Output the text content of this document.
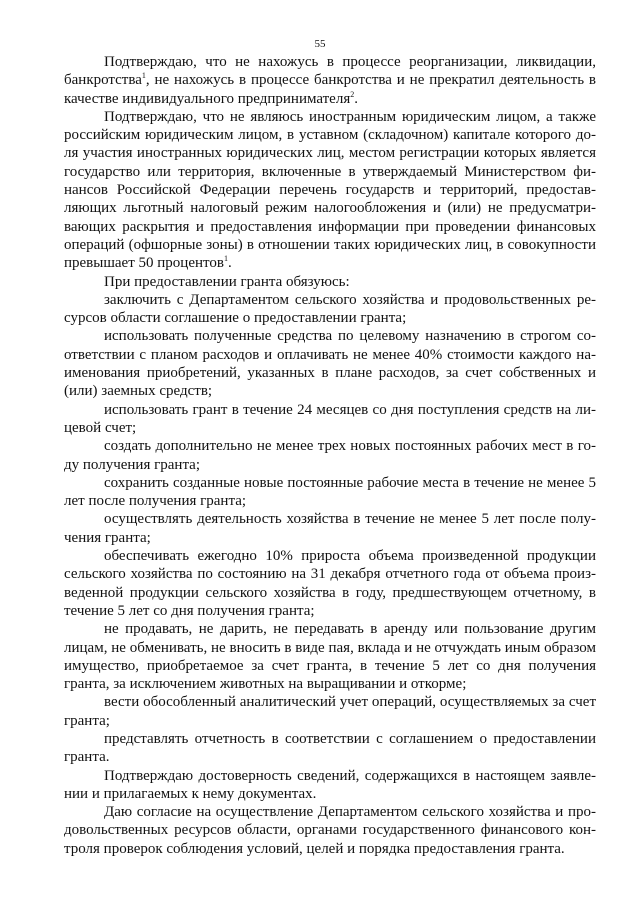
55

Подтверждаю, что не нахожусь в процессе реорганизации, ликвидации, банкротства$^1$, не нахожусь в процессе банкротства и не прекратил деятельность в качестве индивидуального предпринимателя$^2$.

Подтверждаю, что не являюсь иностранным юридическим лицом, а также российским юридическим лицом, в уставном (складочном) капитале которого доля участия иностранных юридических лиц, местом регистрации которых является государство или территория, включенные в утверждаемый Министерством финансов Российской Федерации перечень государств и территорий, предоставляющих льготный налоговый режим налогообложения и (или) не предусматривающих раскрытия и предоставления информации при проведении финансовых операций (офшорные зоны) в отношении таких юридических лиц, в совокупности превышает 50 процентов$^1$.

При предоставлении гранта обязуюсь:

заключить с Департаментом сельского хозяйства и продовольственных ресурсов области соглашение о предоставлении гранта;

использовать полученные средства по целевому назначению в строгом соответствии с планом расходов и оплачивать не менее 40% стоимости каждого наименования приобретений, указанных в плане расходов, за счет собственных и (или) заемных средств;

использовать грант в течение 24 месяцев со дня поступления средств на лицевой счет;

создать дополнительно не менее трех новых постоянных рабочих мест в году получения гранта;

сохранить созданные новые постоянные рабочие места в течение не менее 5 лет после получения гранта;

осуществлять деятельность хозяйства в течение не менее 5 лет после получения гранта;

обеспечивать ежегодно 10% прироста объема произведенной продукции сельского хозяйства по состоянию на 31 декабря отчетного года от объема произведенной продукции сельского хозяйства в году, предшествующем отчетному, в течение 5 лет со дня получения гранта;

не продавать, не дарить, не передавать в аренду или пользование другим лицам, не обменивать, не вносить в виде пая, вклада и не отчуждать иным образом имущество, приобретаемое за счет гранта, в течение 5 лет со дня получения гранта, за исключением животных на выращивании и откорме;

вести обособленный аналитический учет операций, осуществляемых за счет гранта;

представлять отчетность в соответствии с соглашением о предоставлении гранта.

Подтверждаю достоверность сведений, содержащихся в настоящем заявлении и прилагаемых к нему документах.

Даю согласие на осуществление Департаментом сельского хозяйства и продовольственных ресурсов области, органами государственного финансового контроля проверок соблюдения условий, целей и порядка предоставления гранта.
